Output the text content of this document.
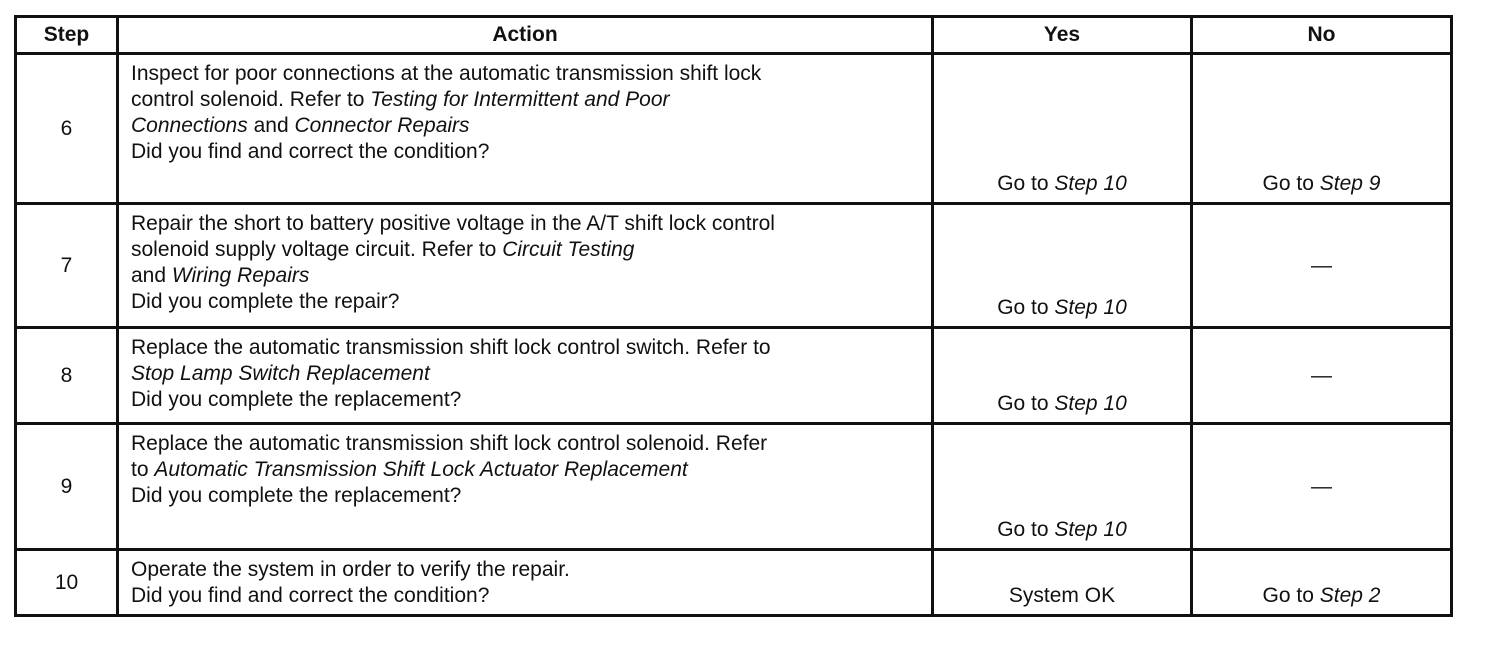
Step	Action	Yes	No
6	Inspect for poor connections at the automatic transmission shift lock
control solenoid. Refer to Testing for Intermittent and Poor
Connections and Connector Repairs
Did you find and correct the condition?	Go to Step 10	Go to Step 9
7	Repair the short to battery positive voltage in the A/T shift lock control
solenoid supply voltage circuit. Refer to Circuit Testing
and Wiring Repairs
Did you complete the repair?	Go to Step 10	—
8	Replace the automatic transmission shift lock control switch. Refer to
Stop Lamp Switch Replacement
Did you complete the replacement?	Go to Step 10	—
9	Replace the automatic transmission shift lock control solenoid. Refer
to Automatic Transmission Shift Lock Actuator Replacement
Did you complete the replacement?	Go to Step 10	—
10	Operate the system in order to verify the repair.
Did you find and correct the condition?	System OK	Go to Step 2
